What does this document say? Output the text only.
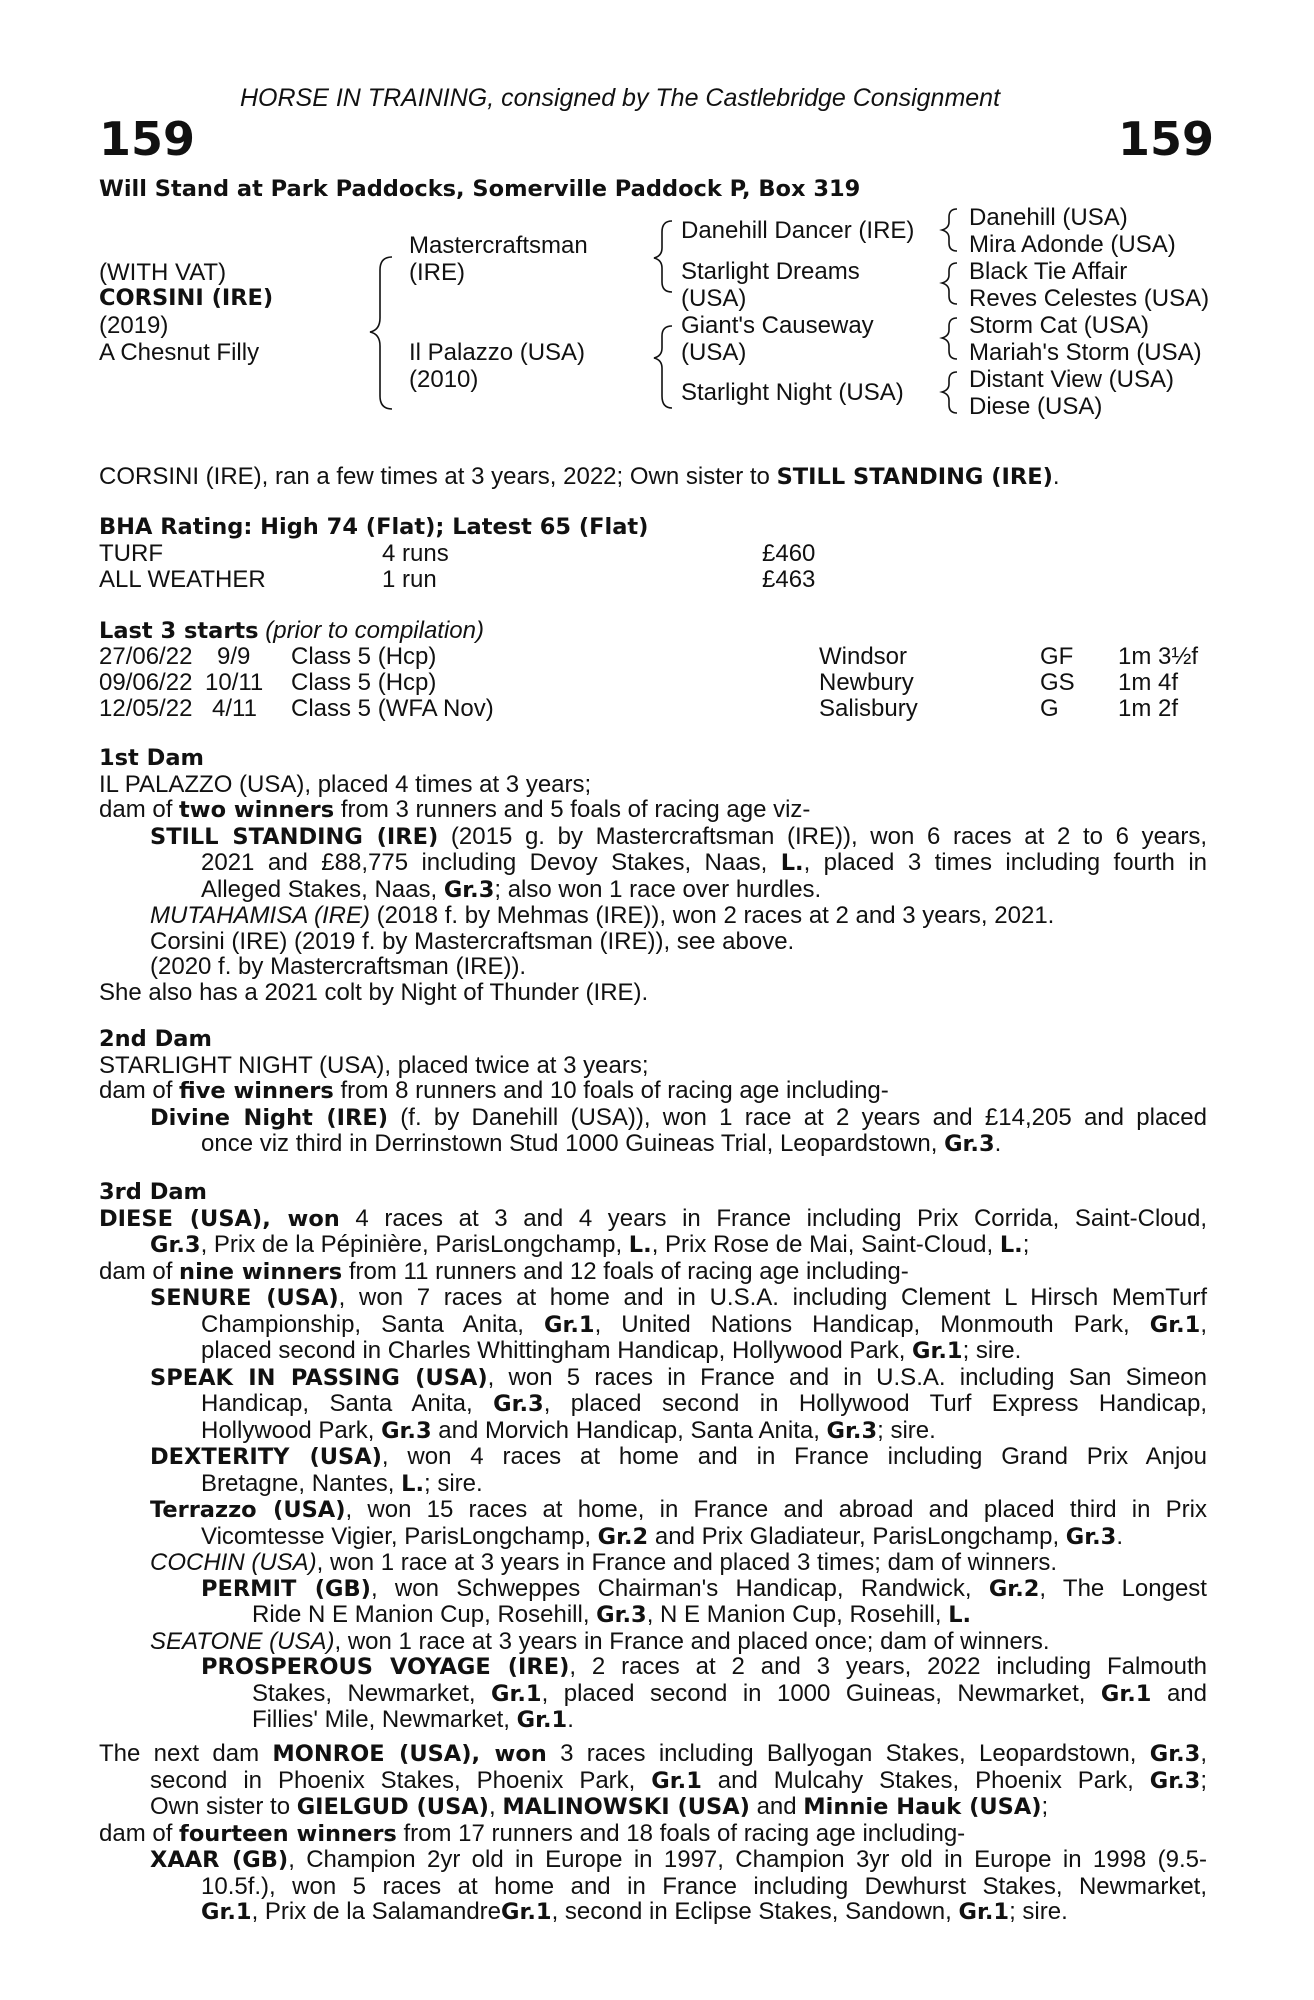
HORSE IN TRAINING, consigned by The Castlebridge Consignment
159	159
Will Stand at Park Paddocks, Somerville Paddock P, Box 319
(WITH VAT)
CORSINI (IRE)
(2019)
A Chesnut Filly
Mastercraftsman
(IRE)
Il Palazzo (USA)
(2010)
Danehill Dancer (IRE)
Starlight Dreams
(USA)
Giant's Causeway
(USA)
Starlight Night (USA)
Danehill (USA)
Mira Adonde (USA)
Black Tie Affair
Reves Celestes (USA)
Storm Cat (USA)
Mariah's Storm (USA)
Distant View (USA)
Diese (USA)
CORSINI (IRE), ran a few times at 3 years, 2022; Own sister to STILL STANDING (IRE).
BHA Rating: High 74 (Flat); Latest 65 (Flat)
TURF	4 runs	£460
ALL WEATHER	1 run	£463
Last 3 starts (prior to compilation)
27/06/22 9/9 Class 5 (Hcp)	Windsor	GF 1m 3½f
09/06/22 10/11 Class 5 (Hcp)	Newbury	GS 1m 4f
12/05/22 4/11 Class 5 (WFA Nov)	Salisbury	G 1m 2f
1st Dam
IL PALAZZO (USA), placed 4 times at 3 years;
dam of two winners from 3 runners and 5 foals of racing age viz-
STILL STANDING (IRE) (2015 g. by Mastercraftsman (IRE)), won 6 races at 2 to 6 years,
2021 and £88,775 including Devoy Stakes, Naas, L., placed 3 times including fourth in
Alleged Stakes, Naas, Gr.3; also won 1 race over hurdles.
MUTAHAMISA (IRE) (2018 f. by Mehmas (IRE)), won 2 races at 2 and 3 years, 2021.
Corsini (IRE) (2019 f. by Mastercraftsman (IRE)), see above.
(2020 f. by Mastercraftsman (IRE)).
She also has a 2021 colt by Night of Thunder (IRE).
2nd Dam
STARLIGHT NIGHT (USA), placed twice at 3 years;
dam of five winners from 8 runners and 10 foals of racing age including-
Divine Night (IRE) (f. by Danehill (USA)), won 1 race at 2 years and £14,205 and placed
once viz third in Derrinstown Stud 1000 Guineas Trial, Leopardstown, Gr.3.
3rd Dam
DIESE (USA), won 4 races at 3 and 4 years in France including Prix Corrida, Saint-Cloud,
Gr.3, Prix de la Pépinière, ParisLongchamp, L., Prix Rose de Mai, Saint-Cloud, L.;
dam of nine winners from 11 runners and 12 foals of racing age including-
SENURE (USA), won 7 races at home and in U.S.A. including Clement L Hirsch MemTurf
Championship, Santa Anita, Gr.1, United Nations Handicap, Monmouth Park, Gr.1,
placed second in Charles Whittingham Handicap, Hollywood Park, Gr.1; sire.
SPEAK IN PASSING (USA), won 5 races in France and in U.S.A. including San Simeon
Handicap, Santa Anita, Gr.3, placed second in Hollywood Turf Express Handicap,
Hollywood Park, Gr.3 and Morvich Handicap, Santa Anita, Gr.3; sire.
DEXTERITY (USA), won 4 races at home and in France including Grand Prix Anjou
Bretagne, Nantes, L.; sire.
Terrazzo (USA), won 15 races at home, in France and abroad and placed third in Prix
Vicomtesse Vigier, ParisLongchamp, Gr.2 and Prix Gladiateur, ParisLongchamp, Gr.3.
COCHIN (USA), won 1 race at 3 years in France and placed 3 times; dam of winners.
PERMIT (GB), won Schweppes Chairman's Handicap, Randwick, Gr.2, The Longest
Ride N E Manion Cup, Rosehill, Gr.3, N E Manion Cup, Rosehill, L.
SEATONE (USA), won 1 race at 3 years in France and placed once; dam of winners.
PROSPEROUS VOYAGE (IRE), 2 races at 2 and 3 years, 2022 including Falmouth
Stakes, Newmarket, Gr.1, placed second in 1000 Guineas, Newmarket, Gr.1 and
Fillies' Mile, Newmarket, Gr.1.
The next dam MONROE (USA), won 3 races including Ballyogan Stakes, Leopardstown, Gr.3,
second in Phoenix Stakes, Phoenix Park, Gr.1 and Mulcahy Stakes, Phoenix Park, Gr.3;
Own sister to GIELGUD (USA), MALINOWSKI (USA) and Minnie Hauk (USA);
dam of fourteen winners from 17 runners and 18 foals of racing age including-
XAAR (GB), Champion 2yr old in Europe in 1997, Champion 3yr old in Europe in 1998 (9.5-
10.5f.), won 5 races at home and in France including Dewhurst Stakes, Newmarket,
Gr.1, Prix de la SalamandreGr.1, second in Eclipse Stakes, Sandown, Gr.1; sire.
